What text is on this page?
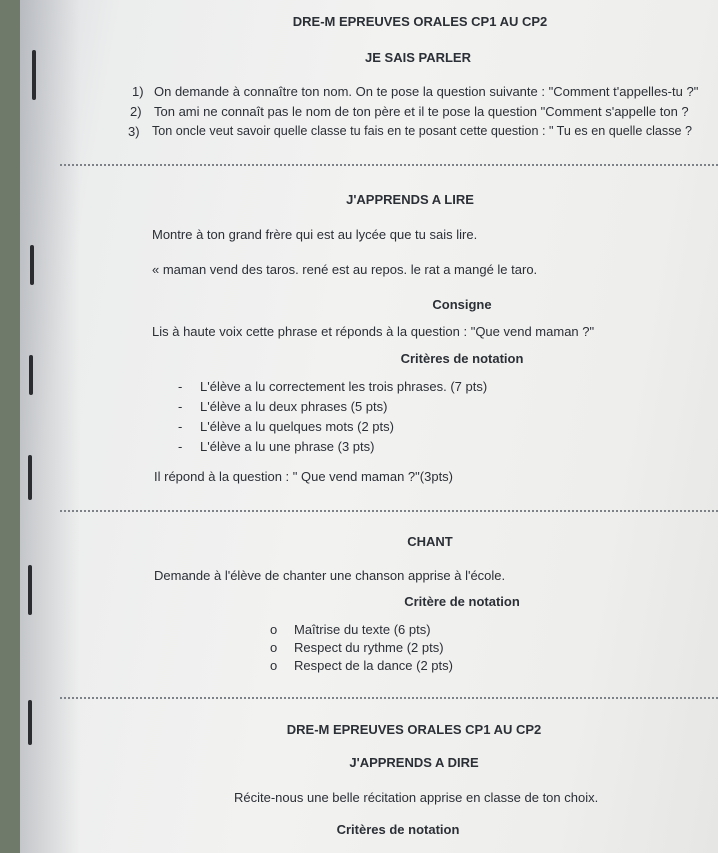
DRE-M EPREUVES ORALES CP1 AU CP2
JE SAIS PARLER
1) On demande à connaître ton nom. On te pose la question suivante : "Comment t'appelles-tu ?"
2) Ton ami ne connaît pas le nom de ton père et il te pose la question "Comment s'appelle ton ?
3) Ton oncle veut savoir quelle classe tu fais en te posant cette question : " Tu es en quelle classe ?
J'APPRENDS A LIRE
Montre à ton grand frère qui est au lycée que tu sais lire.
« maman vend des taros. rené est au repos. le rat a mangé le taro.
Consigne
Lis à haute voix cette phrase et réponds à la question : "Que vend maman ?"
Critères de notation
- L'élève a lu correctement les trois phrases. (7 pts)
- L'élève a lu deux phrases (5 pts)
- L'élève a lu quelques mots (2 pts)
- L'élève a lu une phrase (3 pts)
Il répond à la question : " Que vend maman ?"(3pts)
CHANT
Demande à l'élève de chanter une chanson apprise à l'école.
Critère de notation
o Maîtrise du texte (6 pts)
o Respect du rythme (2 pts)
o Respect de la dance (2 pts)
DRE-M EPREUVES ORALES CP1 AU CP2
J'APPRENDS A DIRE
Récite-nous une belle récitation apprise en classe de ton choix.
Critères de notation
